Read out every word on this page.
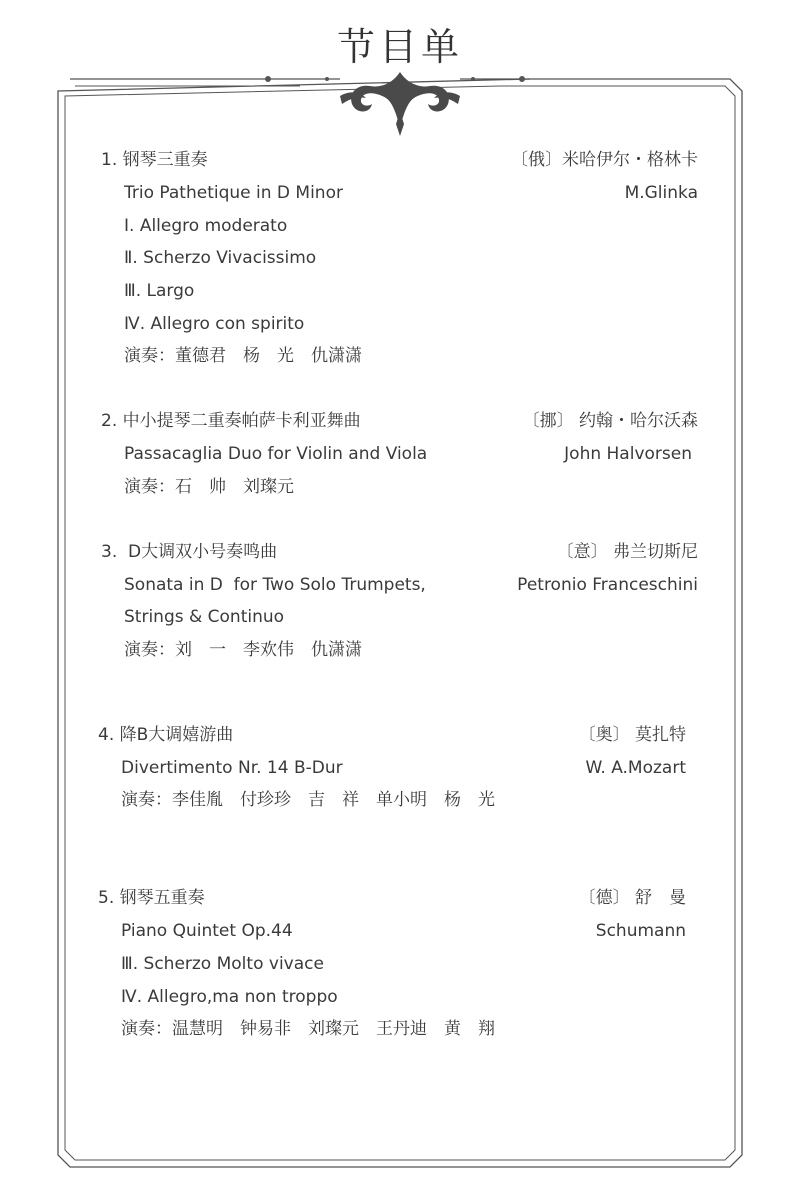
节目单
1. 钢琴三重奏	〔俄〕米哈伊尔・格林卡
Trio Pathetique in D Minor	M.Glinka
Ⅰ. Allegro moderato
Ⅱ. Scherzo Vivacissimo
Ⅲ. Largo
Ⅳ. Allegro con spirito
演奏：董德君　杨　光　仇潇潇
2. 中小提琴二重奏帕萨卡利亚舞曲	〔挪〕 约翰・哈尔沃森
Passacaglia Duo for Violin and Viola	John Halvorsen
演奏：石　帅　刘璨元
3.  D大调双小号奏鸣曲	〔意〕 弗兰切斯尼
Sonata in D  for Two Solo Trumpets,	Petronio Franceschini
Strings & Continuo
演奏：刘　一　李欢伟　仇潇潇
4. 降B大调嬉游曲	〔奥〕 莫扎特
Divertimento Nr. 14 B-Dur	W. A.Mozart
演奏：李佳胤　付珍珍　吉　祥　单小明　杨　光
5. 钢琴五重奏	〔德〕 舒　曼
Piano Quintet Op.44	Schumann
Ⅲ. Scherzo Molto vivace
Ⅳ. Allegro,ma non troppo
演奏：温慧明　钟易非　刘璨元　王丹迪　黄　翔
